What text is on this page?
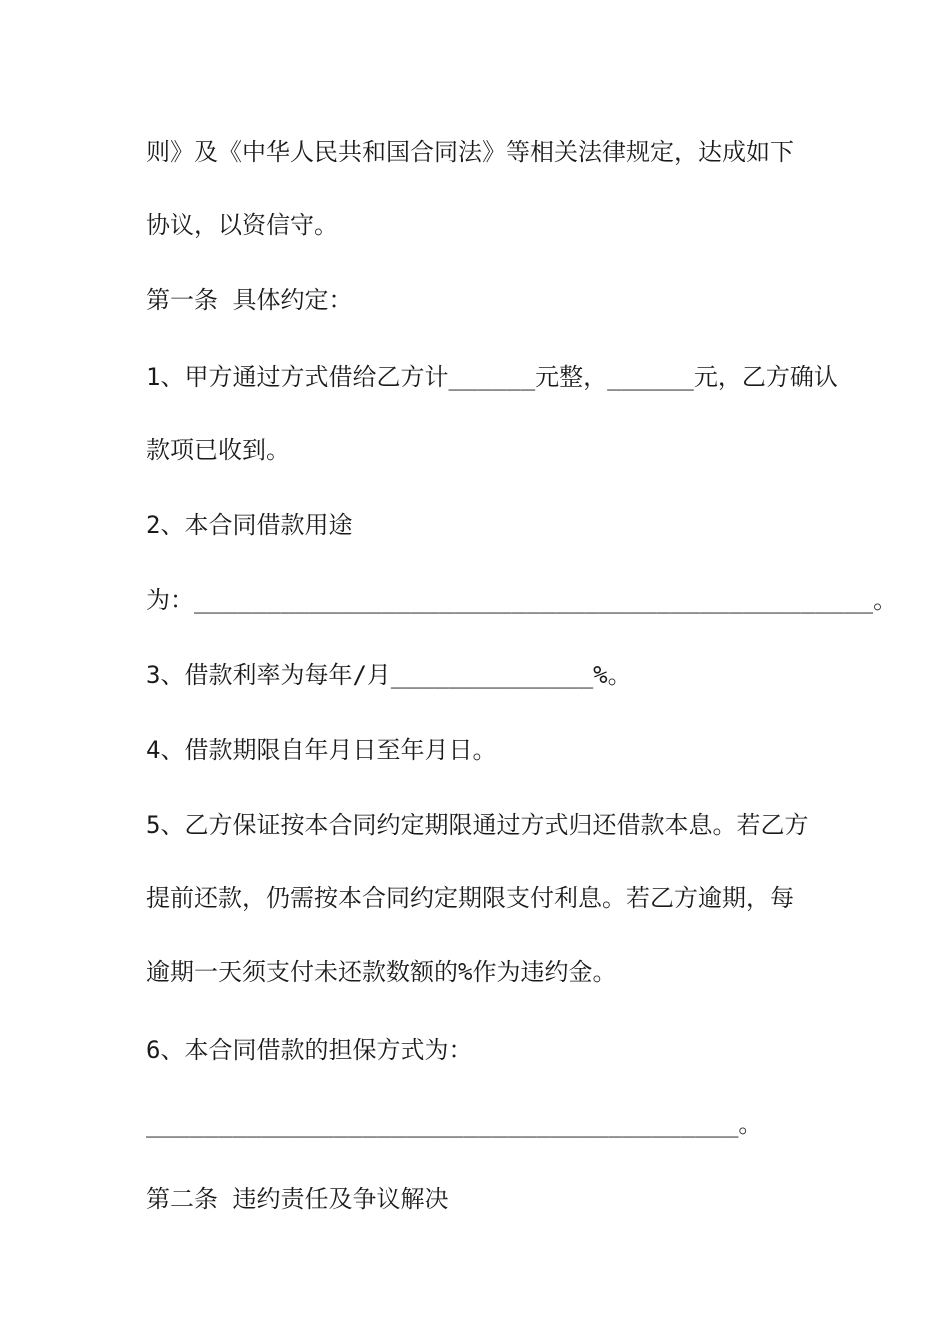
则》及《中华人民共和国合同法》等相关法律规定，达成如下
协议，以资信守。
第一条 具体约定：
1、甲方通过方式借给乙方计______元整，______元，乙方确认
款项已收到。
2、本合同借款用途
为：_______________________________________________。
3、借款利率为每年/月______________%。
4、借款期限自年月日至年月日。
5、乙方保证按本合同约定期限通过方式归还借款本息。若乙方
提前还款，仍需按本合同约定期限支付利息。若乙方逾期，每
逾期一天须支付未还款数额的%作为违约金。
6、本合同借款的担保方式为：
_________________________________________。
第二条 违约责任及争议解决
